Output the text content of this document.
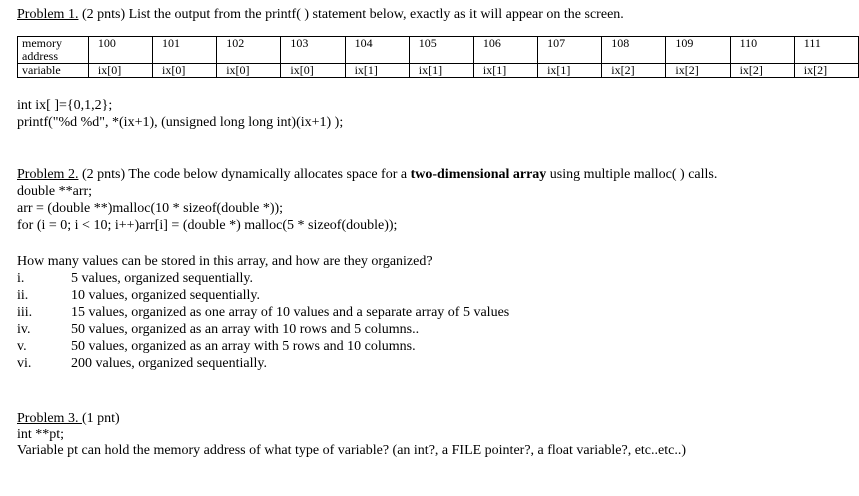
Problem 1. (2 pnts) List the output from the printf( ) statement below, exactly as it will appear on the screen.
memory address	100	101	102	103	104	105	106	107	108	109	110	111
variable	ix[0]	ix[0]	ix[0]	ix[0]	ix[1]	ix[1]	ix[1]	ix[1]	ix[2]	ix[2]	ix[2]	ix[2]
int ix[ ]={0,1,2};
printf("%d %d", *(ix+1), (unsigned long long int)(ix+1) );
Problem 2. (2 pnts) The code below dynamically allocates space for a two-dimensional array using multiple malloc( ) calls.
double **arr;
arr = (double **)malloc(10 * sizeof(double *));
for (i = 0; i < 10; i++)arr[i] = (double *) malloc(5 * sizeof(double));
How many values can be stored in this array, and how are they organized?
i.	5 values, organized sequentially.
ii.	10 values, organized sequentially.
iii.	15 values, organized as one array of 10 values and a separate array of 5 values
iv.	50 values, organized as an array with 10 rows and 5 columns..
v.	50 values, organized as an array with 5 rows and 10 columns.
vi.	200 values, organized sequentially.
Problem 3. (1 pnt)
int **pt;
Variable pt can hold the memory address of what type of variable? (an int?, a FILE pointer?, a float variable?, etc..etc..)
